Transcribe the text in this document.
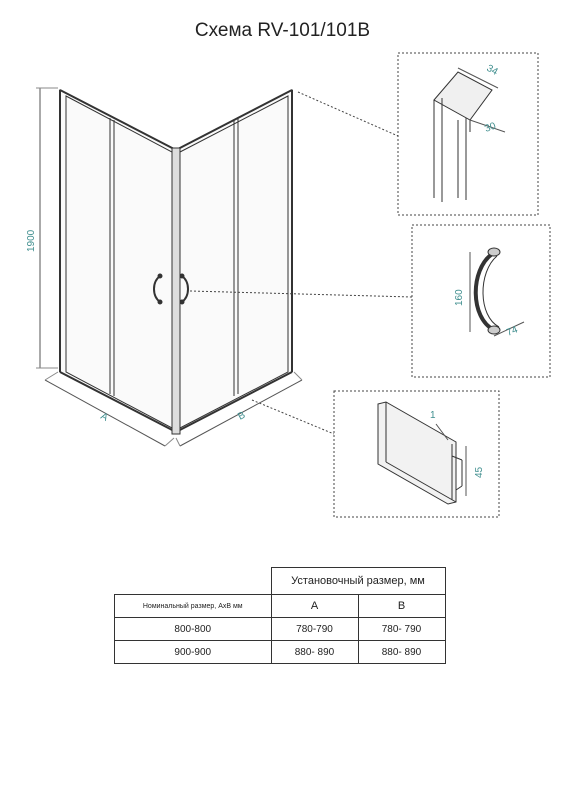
Схема RV-101/101B
1900
A	B
34
30
160
74
1
45
	Установочный размер, мм	
Номинальный размер, АхВ мм	A	B
800-800	780-790	780- 790
900-900	880- 890	880- 890
